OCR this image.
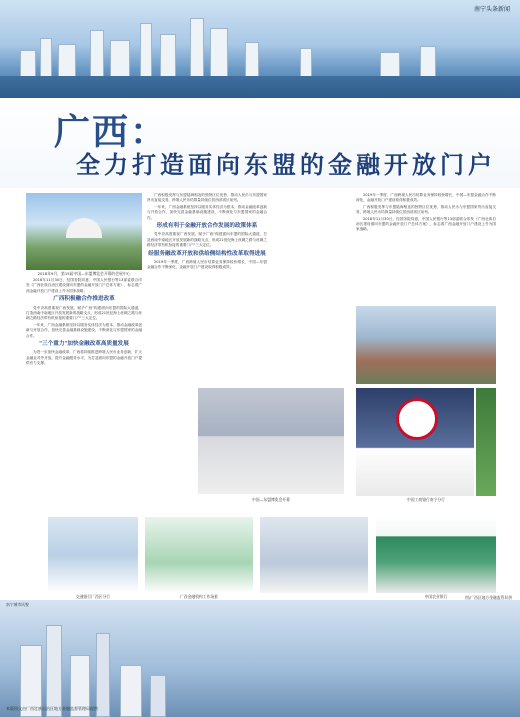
南宁头条新闻
广西：
全力打造面向东盟的金融开放门户
2018年9月，第15届中国—东盟博览会开幕的会展中心

2018年11月30日，经国务院同意，中国人民银行等13部委联合印发《广西壮族自治区建设面向东盟的金融开放门户总体方案》，标志着广西金融开放门户建设上升为国家战略。

广西积极融合作推进改革

党中央高度重视广西发展，赋予广西"构建面向东盟的国际大通道，打造西南中南地区开放发展新的战略支点，形成21世纪海上丝绸之路与丝绸之路经济带有机衔接的重要门户"三大定位。

一年来，广西金融系统坚持以服务实体经济为根本，推动金融改革创新与开放合作，加快完善金融基础设施建设，不断深化与东盟国家的金融合作。

"三个重力"加快金融改革高质量发展

为进一步加快金融改革，广西将持续推进跨境人民币业务创新，扩大金融业对外开放，提升金融服务水平，为打造面向东盟的金融开放门户提供有力支撑。

广西积极发挥与东盟陆海相连的独特区位优势，推动人民币与东盟国家货币直接交易，跨境人民币结算量持续位居西部省区前列。

一年来，广西金融系统坚持以服务实体经济为根本，推动金融改革创新与开放合作，加快完善金融基础设施建设，不断深化与东盟国家的金融合作。

形成有利于金融开放合作发展的政策体系

党中央高度重视广西发展，赋予广西"构建面向东盟的国际大通道，打造西南中南地区开放发展新的战略支点，形成21世纪海上丝绸之路与丝绸之路经济带有机衔接的重要门户"三大定位。

经服务融改革开放和供给侧结构性改革取得进展

2019年一季度，广西跨境人民币结算业务保持较快增长，中国—东盟金融合作不断深化，金融开放门户建设取得积极成效。

2019年一季度，广西跨境人民币结算业务保持较快增长，中国—东盟金融合作不断深化，金融开放门户建设取得积极成效。

广西积极发挥与东盟陆海相连的独特区位优势，推动人民币与东盟国家货币直接交易，跨境人民币结算量持续位居西部省区前列。

2018年11月30日，经国务院同意，中国人民银行等13部委联合印发《广西壮族自治区建设面向东盟的金融开放门户总体方案》，标志着广西金融开放门户建设上升为国家战略。

中国工商银行南宁分行
中国—东盟博览会开幕
交通银行广西区分行	广西金融机构工作场景	中国农业银行
南宁城市风貌
图/广西区地方金融监管局供
本版图文由广西壮族自治区地方金融监督管理局提供
